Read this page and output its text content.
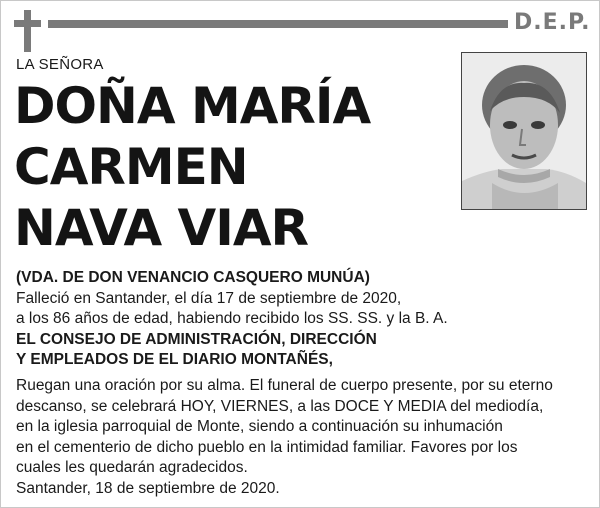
D.E.P.
LA SEÑORA
DOÑA MARÍA
CARMEN
NAVA VIAR
(VDA. DE DON VENANCIO CASQUERO MUNÚA)
Falleció en Santander, el día 17 de septiembre de 2020,
a los 86 años de edad, habiendo recibido los SS. SS. y la B. A.
EL CONSEJO DE ADMINISTRACIÓN, DIRECCIÓN
Y EMPLEADOS DE EL DIARIO MONTAÑÉS,
Ruegan una oración por su alma. El funeral de cuerpo presente, por su eterno
descanso, se celebrará HOY, VIERNES, a las DOCE Y MEDIA del mediodía,
en la iglesia parroquial de Monte, siendo a continuación su inhumación
en el cementerio de dicho pueblo en la intimidad familiar. Favores por los
cuales les quedarán agradecidos.
Santander, 18 de septiembre de 2020.
